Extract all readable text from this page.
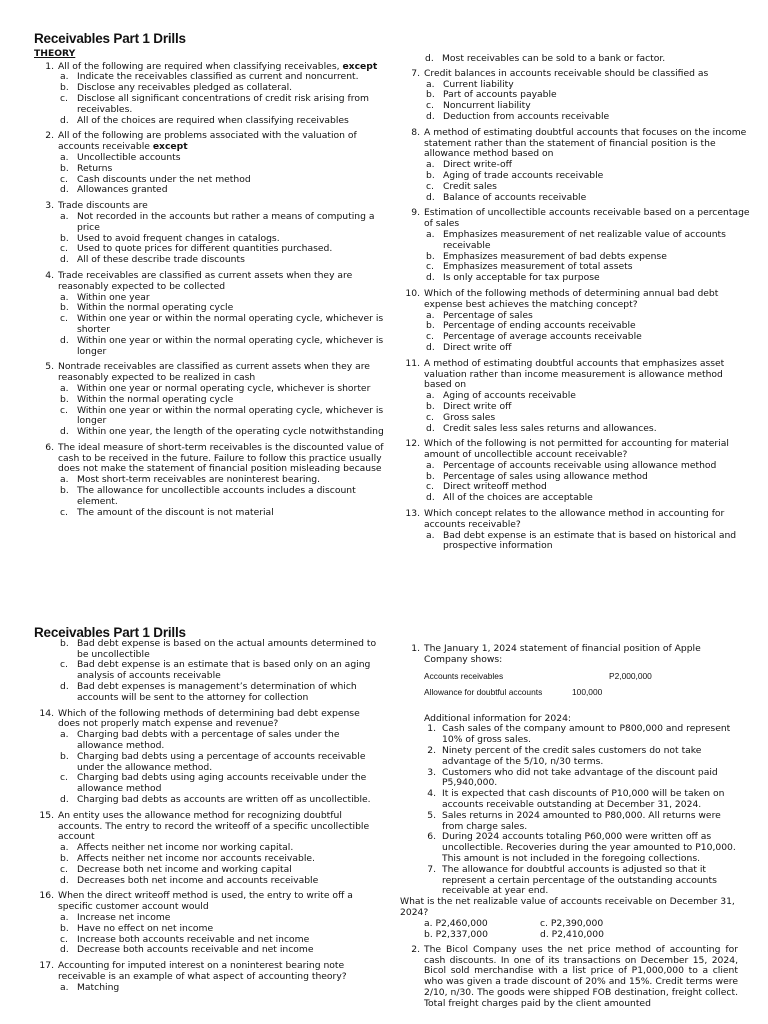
Receivables Part 1 Drills
THEORY
1. All of the following are required when classifying receivables, except
a. Indicate the receivables classified as current and noncurrent.
b. Disclose any receivables pledged as collateral.
c. Disclose all significant concentrations of credit risk arising from receivables.
d. All of the choices are required when classifying receivables
2. All of the following are problems associated with the valuation of accounts receivable except
a. Uncollectible accounts
b. Returns
c. Cash discounts under the net method
d. Allowances granted
3. Trade discounts are
a. Not recorded in the accounts but rather a means of computing a price
b. Used to avoid frequent changes in catalogs.
c. Used to quote prices for different quantities purchased.
d. All of these describe trade discounts
4. Trade receivables are classified as current assets when they are reasonably expected to be collected
a. Within one year
b. Within the normal operating cycle
c. Within one year or within the normal operating cycle, whichever is shorter
d. Within one year or within the normal operating cycle, whichever is longer
5. Nontrade receivables are classified as current assets when they are reasonably expected to be realized in cash
a. Within one year or normal operating cycle, whichever is shorter
b. Within the normal operating cycle
c. Within one year or within the normal operating cycle, whichever is longer
d. Within one year, the length of the operating cycle notwithstanding
6. The ideal measure of short-term receivables is the discounted value of cash to be received in the future. Failure to follow this practice usually does not make the statement of financial position misleading because
a. Most short-term receivables are noninterest bearing.
b. The allowance for uncollectible accounts includes a discount element.
c. The amount of the discount is not material
d. Most receivables can be sold to a bank or factor.
7. Credit balances in accounts receivable should be classified as
a. Current liability
b. Part of accounts payable
c. Noncurrent liability
d. Deduction from accounts receivable
8. A method of estimating doubtful accounts that focuses on the income statement rather than the statement of financial position is the allowance method based on
a. Direct write-off
b. Aging of trade accounts receivable
c. Credit sales
d. Balance of accounts receivable
9. Estimation of uncollectible accounts receivable based on a percentage of sales
a. Emphasizes measurement of net realizable value of accounts receivable
b. Emphasizes measurement of bad debts expense
c. Emphasizes measurement of total assets
d. Is only acceptable for tax purpose
10. Which of the following methods of determining annual bad debt expense best achieves the matching concept?
a. Percentage of sales
b. Percentage of ending accounts receivable
c. Percentage of average accounts receivable
d. Direct write off
11. A method of estimating doubtful accounts that emphasizes asset valuation rather than income measurement is allowance method based on
a. Aging of accounts receivable
b. Direct write off
c. Gross sales
d. Credit sales less sales returns and allowances.
12. Which of the following is not permitted for accounting for material amount of uncollectible account receivable?
a. Percentage of accounts receivable using allowance method
b. Percentage of sales using allowance method
c. Direct writeoff method
d. All of the choices are acceptable
13. Which concept relates to the allowance method in accounting for accounts receivable?
a. Bad debt expense is an estimate that is based on historical and prospective information
Receivables Part 1 Drills
b. Bad debt expense is based on the actual amounts determined to be uncollectible
c. Bad debt expense is an estimate that is based only on an aging analysis of accounts receivable
d. Bad debt expenses is management’s determination of which accounts will be sent to the attorney for collection
14. Which of the following methods of determining bad debt expense does not properly match expense and revenue?
a. Charging bad debts with a percentage of sales under the allowance method.
b. Charging bad debts using a percentage of accounts receivable under the allowance method.
c. Charging bad debts using aging accounts receivable under the allowance method
d. Charging bad debts as accounts are written off as uncollectible.
15. An entity uses the allowance method for recognizing doubtful accounts. The entry to record the writeoff of a specific uncollectible account
a. Affects neither net income nor working capital.
b. Affects neither net income nor accounts receivable.
c. Decrease both net income and working capital
d. Decreases both net income and accounts receivable
16. When the direct writeoff method is used, the entry to write off a specific customer account would
a. Increase net income
b. Have no effect on net income
c. Increase both accounts receivable and net income
d. Decrease both accounts receivable and net income
17. Accounting for imputed interest on a noninterest bearing note receivable is an example of what aspect of accounting theory?
a. Matching
1. The January 1, 2024 statement of financial position of Apple Company shows:
Accounts receivables	P2,000,000
Allowance for doubtful accounts	100,000
Additional information for 2024:
1. Cash sales of the company amount to P800,000 and represent 10% of gross sales.
2. Ninety percent of the credit sales customers do not take advantage of the 5/10, n/30 terms.
3. Customers who did not take advantage of the discount paid P5,940,000.
4. It is expected that cash discounts of P10,000 will be taken on accounts receivable outstanding at December 31, 2024.
5. Sales returns in 2024 amounted to P80,000. All returns were from charge sales.
6. During 2024 accounts totaling P60,000 were written off as uncollectible. Recoveries during the year amounted to P10,000. This amount is not included in the foregoing collections.
7. The allowance for doubtful accounts is adjusted so that it represent a certain percentage of the outstanding accounts receivable at year end.
What is the net realizable value of accounts receivable on December 31, 2024?
a. P2,460,000	c. P2,390,000
b. P2,337,000	d. P2,410,000
2. The Bicol Company uses the net price method of accounting for cash discounts. In one of its transactions on December 15, 2024, Bicol sold merchandise with a list price of P1,000,000 to a client who was given a trade discount of 20% and 15%. Credit terms were 2/10, n/30. The goods were shipped FOB destination, freight collect. Total freight charges paid by the client amounted
